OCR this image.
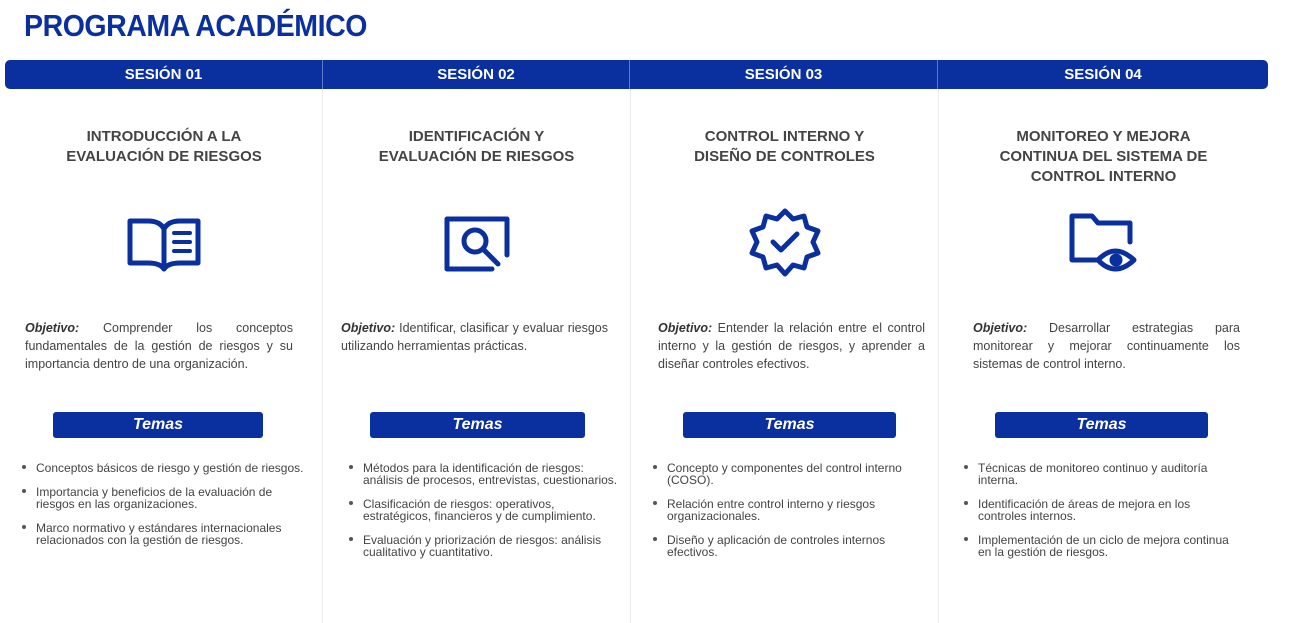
PROGRAMA ACADÉMICO
SESIÓN 01	SESIÓN 02	SESIÓN 03	SESIÓN 04
INTRODUCCIÓN A LA
EVALUACIÓN DE RIESGOS

Objetivo: Comprender los conceptos fundamentales de la gestión de riesgos y su importancia dentro de una organización.

Temas
Conceptos básicos de riesgo y gestión de riesgos.
Importancia y beneficios de la evaluación de riesgos en las organizaciones.
Marco normativo y estándares internacionales relacionados con la gestión de riesgos.
IDENTIFICACIÓN Y
EVALUACIÓN DE RIESGOS

Objetivo: Identificar, clasificar y evaluar riesgos utilizando herramientas prácticas.

Temas
Métodos para la identificación de riesgos: análisis de procesos, entrevistas, cuestionarios.
Clasificación de riesgos: operativos, estratégicos, financieros y de cumplimiento.
Evaluación y priorización de riesgos: análisis cualitativo y cuantitativo.
CONTROL INTERNO Y
DISEÑO DE CONTROLES

Objetivo: Entender la relación entre el control interno y la gestión de riesgos, y aprender a diseñar controles efectivos.

Temas
Concepto y componentes del control interno (COSO).
Relación entre control interno y riesgos organizacionales.
Diseño y aplicación de controles internos efectivos.
MONITOREO Y MEJORA
CONTINUA DEL SISTEMA DE
CONTROL INTERNO

Objetivo: Desarrollar estrategias para monitorear y mejorar continuamente los sistemas de control interno.

Temas
Técnicas de monitoreo continuo y auditoría interna.
Identificación de áreas de mejora en los controles internos.
Implementación de un ciclo de mejora continua en la gestión de riesgos.
